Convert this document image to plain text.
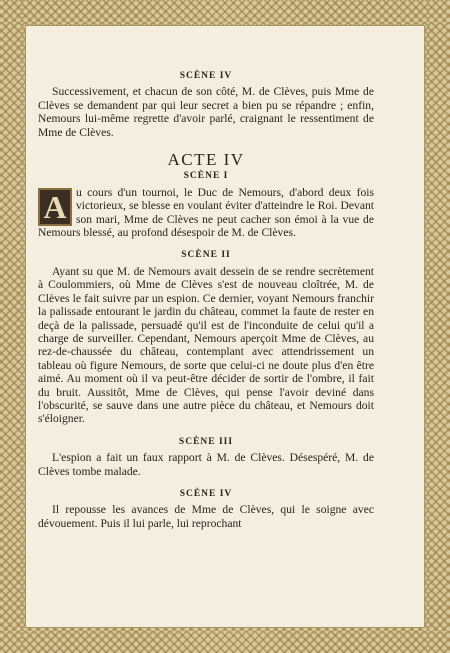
SCÈNE IV

Successivement, et chacun de son côté, M. de Clèves, puis Mme de Clèves se demandent par qui leur secret a bien pu se répandre ; enfin, Nemours lui-même regrette d'avoir parlé, craignant le ressentiment de Mme de Clèves.

ACTE IV
SCÈNE I

A u cours d'un tournoi, le Duc de Nemours, d'abord deux fois victorieux, se blesse en voulant éviter d'atteindre le Roi. Devant son mari, Mme de Clèves ne peut cacher son émoi à la vue de Nemours blessé, au profond désespoir de M. de Clèves.

SCÈNE II

Ayant su que M. de Nemours avait dessein de se rendre secrètement à Coulommiers, où Mme de Clèves s'est de nouveau cloîtrée, M. de Clèves le fait suivre par un espion. Ce dernier, voyant Nemours franchir la palissade entourant le jardin du château, commet la faute de rester en deçà de la palissade, persuadé qu'il est de l'inconduite de celui qu'il a charge de surveiller. Cependant, Nemours aperçoit Mme de Clèves, au rez-de-chaussée du château, contemplant avec attendrissement un tableau où figure Nemours, de sorte que celui-ci ne doute plus d'en être aimé. Au moment où il va peut-être décider de sortir de l'ombre, il fait du bruit. Aussitôt, Mme de Clèves, qui pense l'avoir deviné dans l'obscurité, se sauve dans une autre pièce du château, et Nemours doit s'éloigner.

SCÈNE III

L'espion a fait un faux rapport à M. de Clèves. Désespéré, M. de Clèves tombe malade.

SCÈNE IV

Il repousse les avances de Mme de Clèves, qui le soigne avec dévouement. Puis il lui parle, lui reprochant
